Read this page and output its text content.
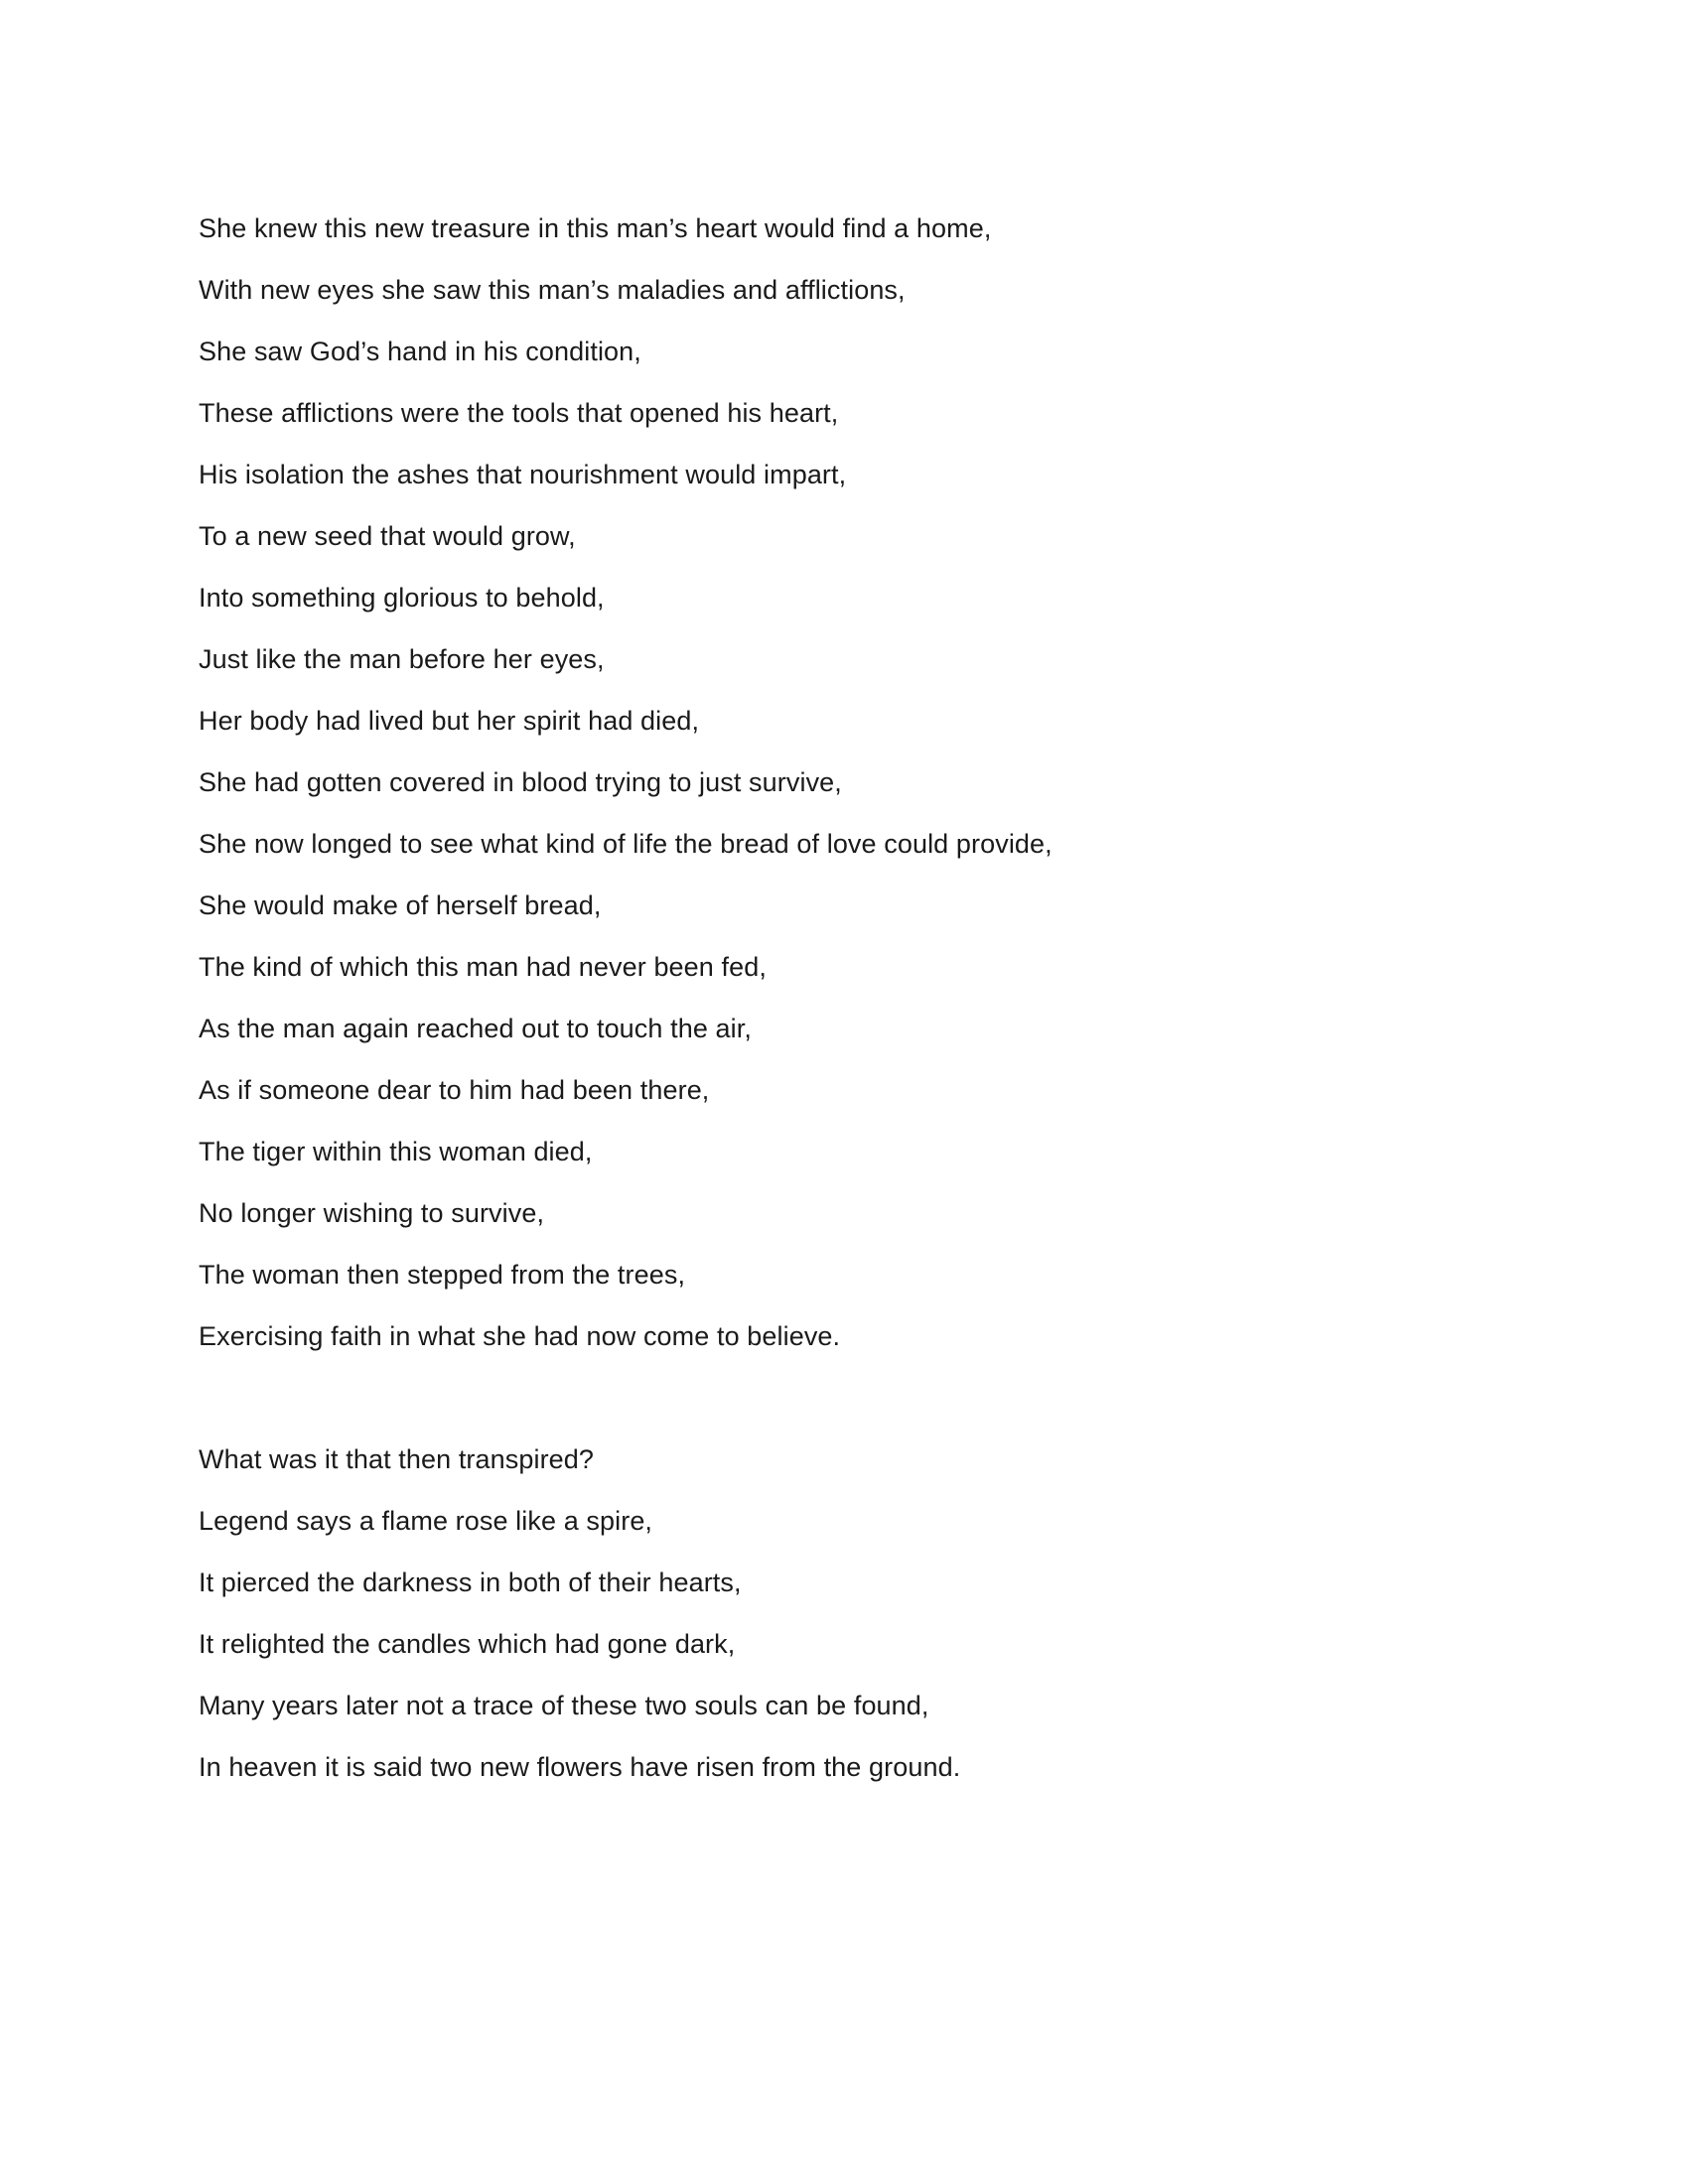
She knew this new treasure in this man’s heart would find a home,
With new eyes she saw this man’s maladies and afflictions,
She saw God’s hand in his condition,
These afflictions were the tools that opened his heart,
His isolation the ashes that nourishment would impart,
To a new seed that would grow,
Into something glorious to behold,
Just like the man before her eyes,
Her body had lived but her spirit had died,
She had gotten covered in blood trying to just survive,
She now longed to see what kind of life the bread of love could provide,
She would make of herself bread,
The kind of which this man had never been fed,
As the man again reached out to touch the air,
As if someone dear to him had been there,
The tiger within this woman died,
No longer wishing to survive,
The woman then stepped from the trees,
Exercising faith in what she had now come to believe.
What was it that then transpired?
Legend says a flame rose like a spire,
It pierced the darkness in both of their hearts,
It relighted the candles which had gone dark,
Many years later not a trace of these two souls can be found,
In heaven it is said two new flowers have risen from the ground.
